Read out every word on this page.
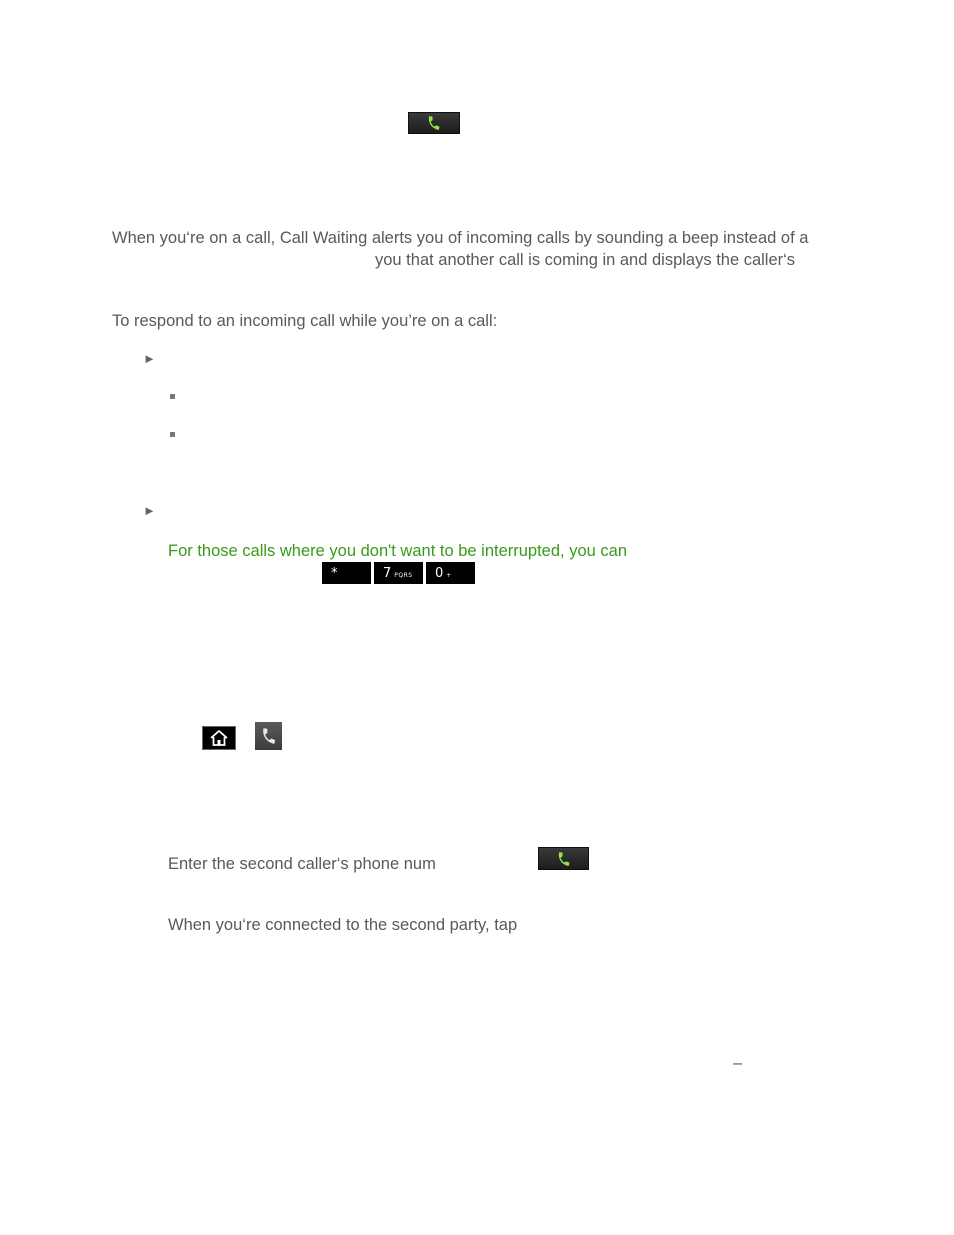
When you‘re on a call, Call Waiting alerts you of incoming calls by sounding a beep instead of a
you that another call is coming in and displays the caller‘s
To respond to an incoming call while you’re on a call:
►
►
For those calls where you don't want to be interrupted, you can
*	7 PQRS 0 +
Enter the second caller‘s phone num
When you‘re connected to the second party, tap
–
